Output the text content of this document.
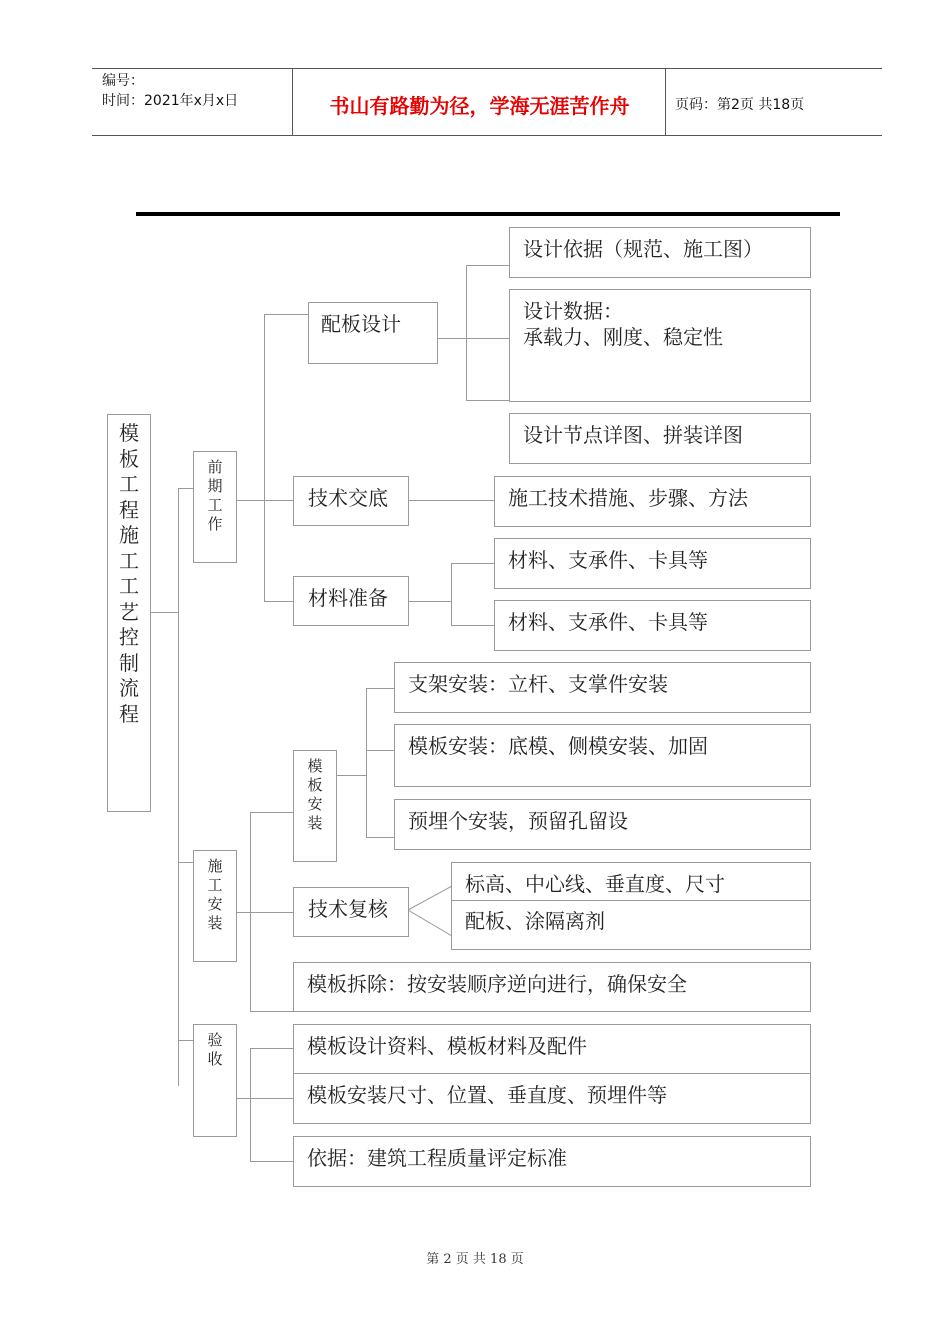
编号：
时间：2021年x月x日	书山有路勤为径，学海无涯苦作舟	页码：第2页 共18页
模
板
工
程
施
工
工
艺
控
制
流
程
前
期
工
作
施
工
安
装
验
收
模
板
安
装
配板设计
技术交底
材料准备
技术复核
设计依据（规范、施工图）
设计数据：
承载力、刚度、稳定性
设计节点详图、拼装详图
施工技术措施、步骤、方法
材料、支承件、卡具等
材料、支承件、卡具等
支架安装：立杆、支掌件安装
模板安装：底模、侧模安装、加固
预埋个安装，预留孔留设
标高、中心线、垂直度、尺寸
配板、涂隔离剂
模板拆除：按安装顺序逆向进行，确保安全
模板设计资料、模板材料及配件
模板安装尺寸、位置、垂直度、预埋件等
依据：建筑工程质量评定标准
第 2 页 共 18 页
